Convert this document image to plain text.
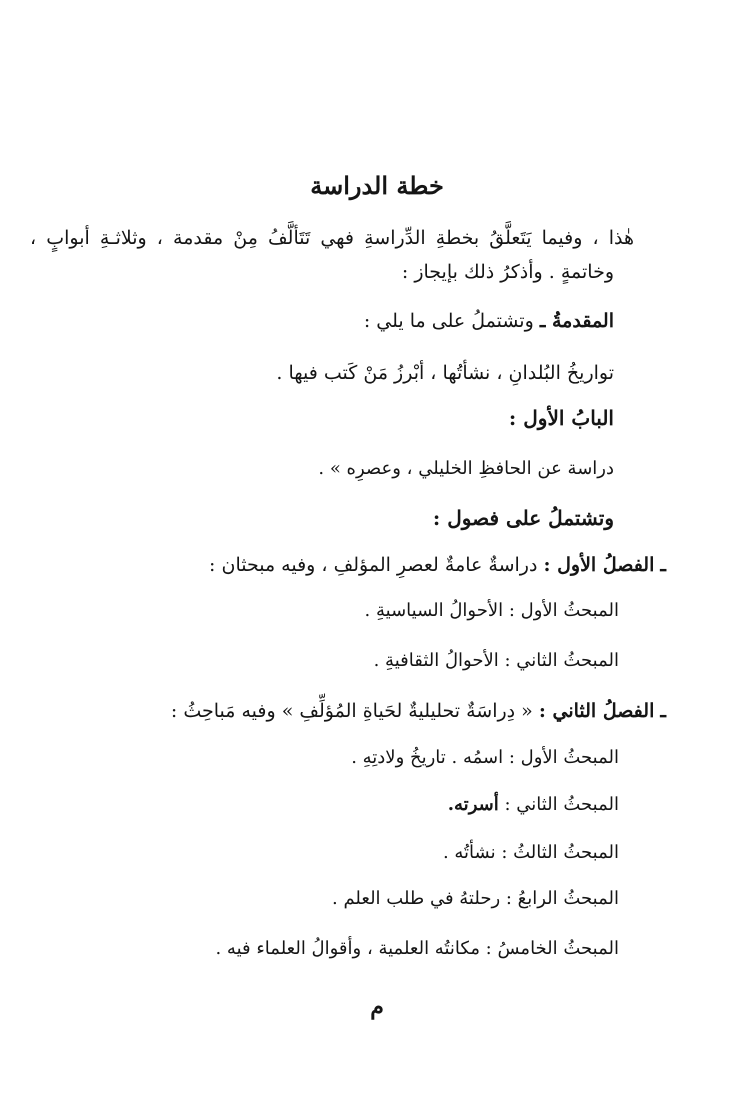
خطة الدراسة
هٰذا ، وفيما يَتَعلَّقُ بخطةِ الدِّراسةِ فهي تَتَألَّفُ مِنْ مقدمة ، وثلاثـةِ أبوابٍ ،
وخاتمةٍ . وأذكرُ ذلك بإيجاز :
المقدمةُ ـ وتشتملُ على ما يلي :
تواريخُ البُلدانِ ، نشأتُها ، أبْرزُ مَنْ كَتب فيها .
البابُ الأول :
دراسة عن الحافظِ الخليلي ، وعصرِه » .
وتشتملُ على فصول :
ـ الفصلُ الأول : دراسةٌ عامةٌ لعصرِ المؤلفِ ، وفيه مبحثان :
المبحثُ الأول : الأحوالُ السياسيةِ .
المبحثُ الثاني : الأحوالُ الثقافيةِ .
ـ الفصلُ الثاني : « دِراسَةٌ تحليليةٌ لحَياةِ المُؤلِّفِ » وفيه مَباحِثُ :
المبحثُ الأول : اسمُه . تاريخُ ولادتِهِ .
المبحثُ الثاني : أسرته.
المبحثُ الثالثُ : نشأتُه .
المبحثُ الرابعُ : رحلتهُ في طلب العلم .
المبحثُ الخامسُ : مكانتُه العلمية ، وأقوالُ العلماء فيه .
م
